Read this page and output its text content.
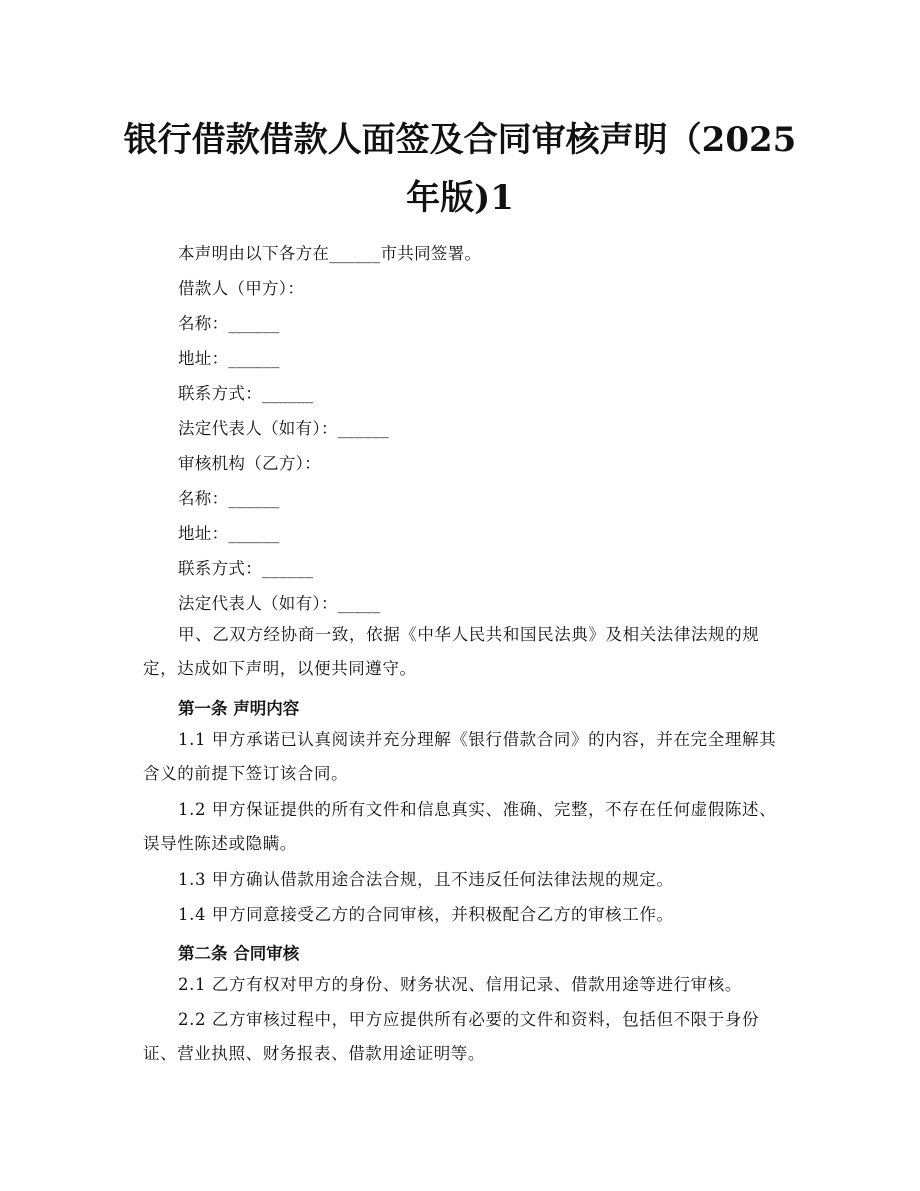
银行借款借款人面签及合同审核声明（2025
年版)1
本声明由以下各方在______市共同签署。
借款人（甲方）：
名称：______
地址：______
联系方式：______
法定代表人（如有）：______
审核机构（乙方）：
名称：______
地址：______
联系方式：______
法定代表人（如有）：_____
甲、乙双方经协商一致，依据《中华人民共和国民法典》及相关法律法规的规定，达成如下声明，以便共同遵守。
第一条 声明内容
1.1 甲方承诺已认真阅读并充分理解《银行借款合同》的内容，并在完全理解其含义的前提下签订该合同。
1.2 甲方保证提供的所有文件和信息真实、准确、完整，不存在任何虚假陈述、误导性陈述或隐瞒。
1.3 甲方确认借款用途合法合规，且不违反任何法律法规的规定。
1.4 甲方同意接受乙方的合同审核，并积极配合乙方的审核工作。
第二条 合同审核
2.1 乙方有权对甲方的身份、财务状况、信用记录、借款用途等进行审核。
2.2 乙方审核过程中，甲方应提供所有必要的文件和资料，包括但不限于身份证、营业执照、财务报表、借款用途证明等。
